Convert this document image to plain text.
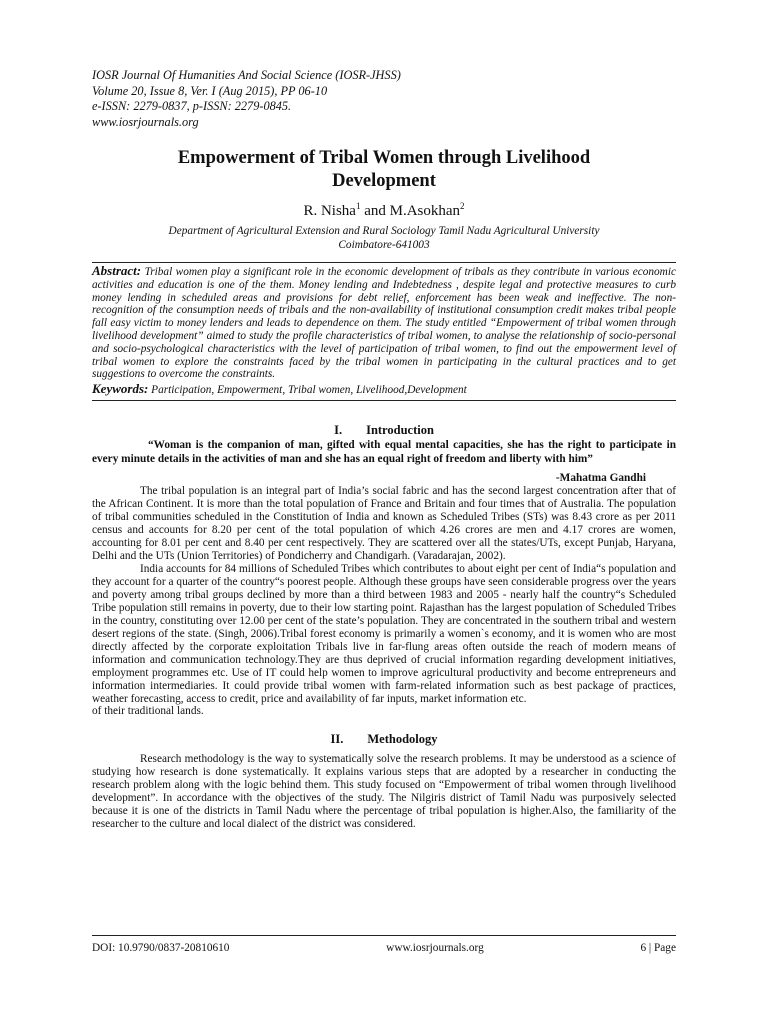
IOSR Journal Of Humanities And Social Science (IOSR-JHSS)
Volume 20, Issue 8, Ver. I (Aug 2015), PP 06-10
e-ISSN: 2279-0837, p-ISSN: 2279-0845.
www.iosrjournals.org
Empowerment of Tribal Women through Livelihood
Development
R. Nisha$^1$ and M.Asokhan$^2$
Department of Agricultural Extension and Rural Sociology Tamil Nadu Agricultural University
Coimbatore-641003
Abstract: Tribal women play a significant role in the economic development of tribals as they contribute in various economic activities and education is one of the them. Money lending and Indebtedness , despite legal and protective measures to curb money lending in scheduled areas and provisions for debt relief, enforcement has been weak and ineffective. The non- recognition of the consumption needs of tribals and the non-availability of institutional consumption credit makes tribal people fall easy victim to money lenders and leads to dependence on them. The study entitled “Empowerment of tribal women through livelihood development” aimed to study the profile characteristics of tribal women, to analyse the relationship of socio-personal and socio-psychological characteristics with the level of participation of tribal women, to find out the empowerment level of tribal women to explore the constraints faced by the tribal women in participating in the cultural practices and to get suggestions to overcome the constraints.
Keywords: Participation, Empowerment, Tribal women, Livelihood,Development
I. Introduction
“Woman is the companion of man, gifted with equal mental capacities, she has the right to participate in every minute details in the activities of man and she has an equal right of freedom and liberty with him”
-Mahatma Gandhi
The tribal population is an integral part of India’s social fabric and has the second largest concentration after that of the African Continent. It is more than the total population of France and Britain and four times that of Australia. The population of tribal communities scheduled in the Constitution of India and known as Scheduled Tribes (STs) was 8.43 crore as per 2011 census and accounts for 8.20 per cent of the total population of which 4.26 crores are men and 4.17 crores are women, accounting for 8.01 per cent and 8.40 per cent respectively. They are scattered over all the states/UTs, except Punjab, Haryana, Delhi and the UTs (Union Territories) of Pondicherry and Chandigarh. (Varadarajan, 2002).
India accounts for 84 millions of Scheduled Tribes which contributes to about eight per cent of India“s population and they account for a quarter of the country“s poorest people. Although these groups have seen considerable progress over the years and poverty among tribal groups declined by more than a third between 1983 and 2005 - nearly half the country“s Scheduled Tribe population still remains in poverty, due to their low starting point. Rajasthan has the largest population of Scheduled Tribes in the country, constituting over 12.00 per cent of the state’s population. They are concentrated in the southern tribal and western desert regions of the state. (Singh, 2006).Tribal forest economy is primarily a women`s economy, and it is women who are most directly affected by the corporate exploitation Tribals live in far-flung areas often outside the reach of modern means of information and communication technology.They are thus deprived of crucial information regarding development initiatives, employment programmes etc. Use of IT could help women to improve agricultural productivity and become entrepreneurs and information intermediaries. It could provide tribal women with farm-related information such as best package of practices, weather forecasting, access to credit, price and availability of far inputs, market information etc.
of their traditional lands.
II. Methodology
Research methodology is the way to systematically solve the research problems. It may be understood as a science of studying how research is done systematically. It explains various steps that are adopted by a researcher in conducting the research problem along with the logic behind them. This study focused on “Empowerment of tribal women through livelihood development”. In accordance with the objectives of the study. The Nilgiris district of Tamil Nadu was purposively selected because it is one of the districts in Tamil Nadu where the percentage of tribal population is higher.Also, the familiarity of the researcher to the culture and local dialect of the district was considered.
DOI: 10.9790/0837-20810610	www.iosrjournals.org	6 | Page
